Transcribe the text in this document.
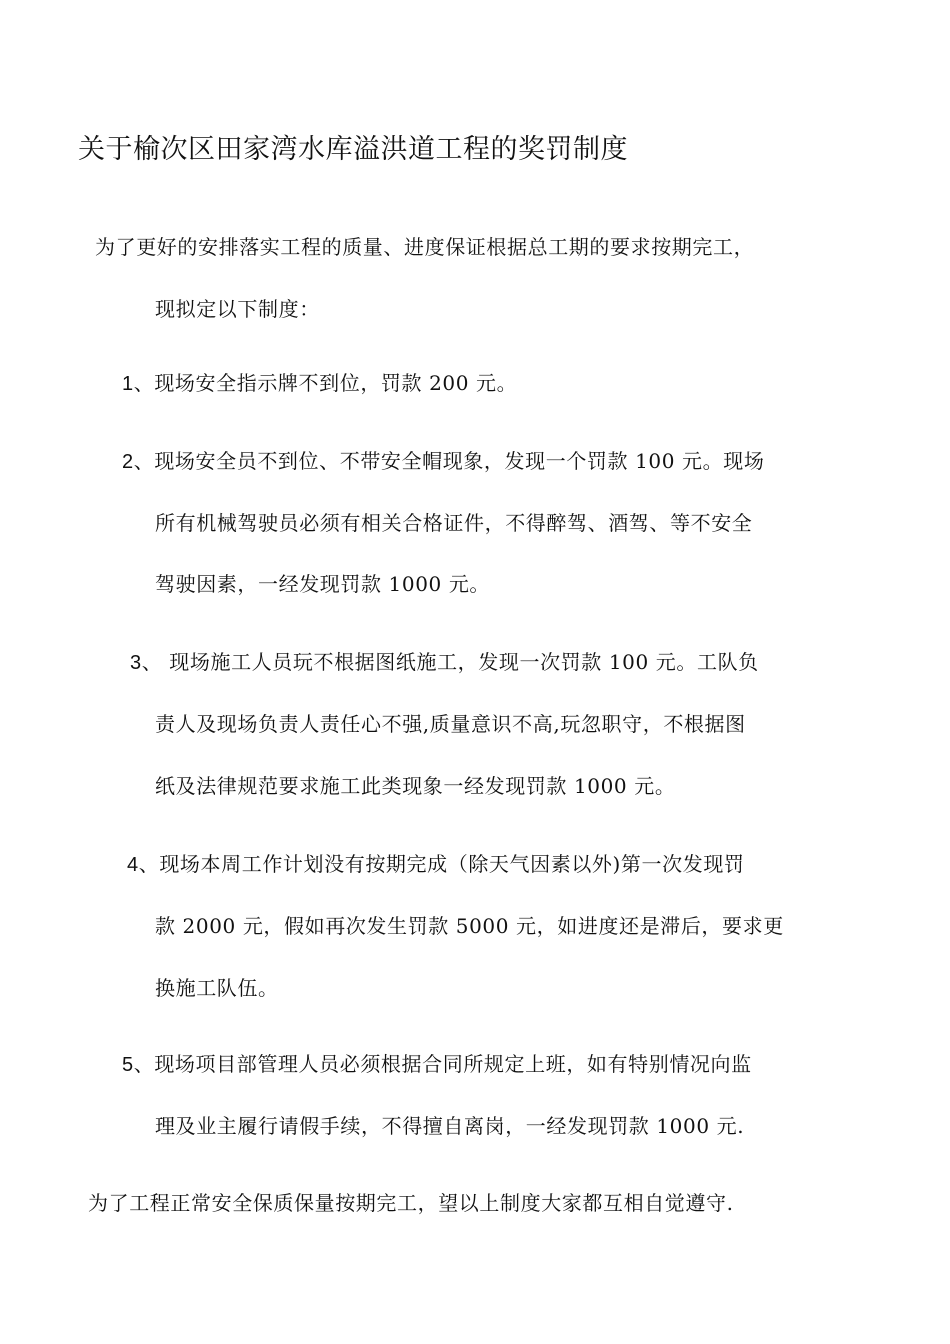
关于榆次区田家湾水库溢洪道工程的奖罚制度
为了更好的安排落实工程的质量、进度保证根据总工期的要求按期完工，
现拟定以下制度：
1、现场安全指示牌不到位，罚款 200 元。
2、现场安全员不到位、不带安全帽现象，发现一个罚款 100 元。现场
所有机械驾驶员必须有相关合格证件，不得醉驾、酒驾、等不安全
驾驶因素，一经发现罚款 1000 元。
3、 现场施工人员玩不根据图纸施工，发现一次罚款 100 元。工队负
责人及现场负责人责任心不强,质量意识不高,玩忽职守，不根据图
纸及法律规范要求施工此类现象一经发现罚款 1000 元。
4、现场本周工作计划没有按期完成（除天气因素以外)第一次发现罚
款 2000 元，假如再次发生罚款 5000 元，如进度还是滞后，要求更
换施工队伍。
5、现场项目部管理人员必须根据合同所规定上班，如有特别情况向监
理及业主履行请假手续，不得擅自离岗，一经发现罚款 1000 元.
为了工程正常安全保质保量按期完工，望以上制度大家都互相自觉遵守.
